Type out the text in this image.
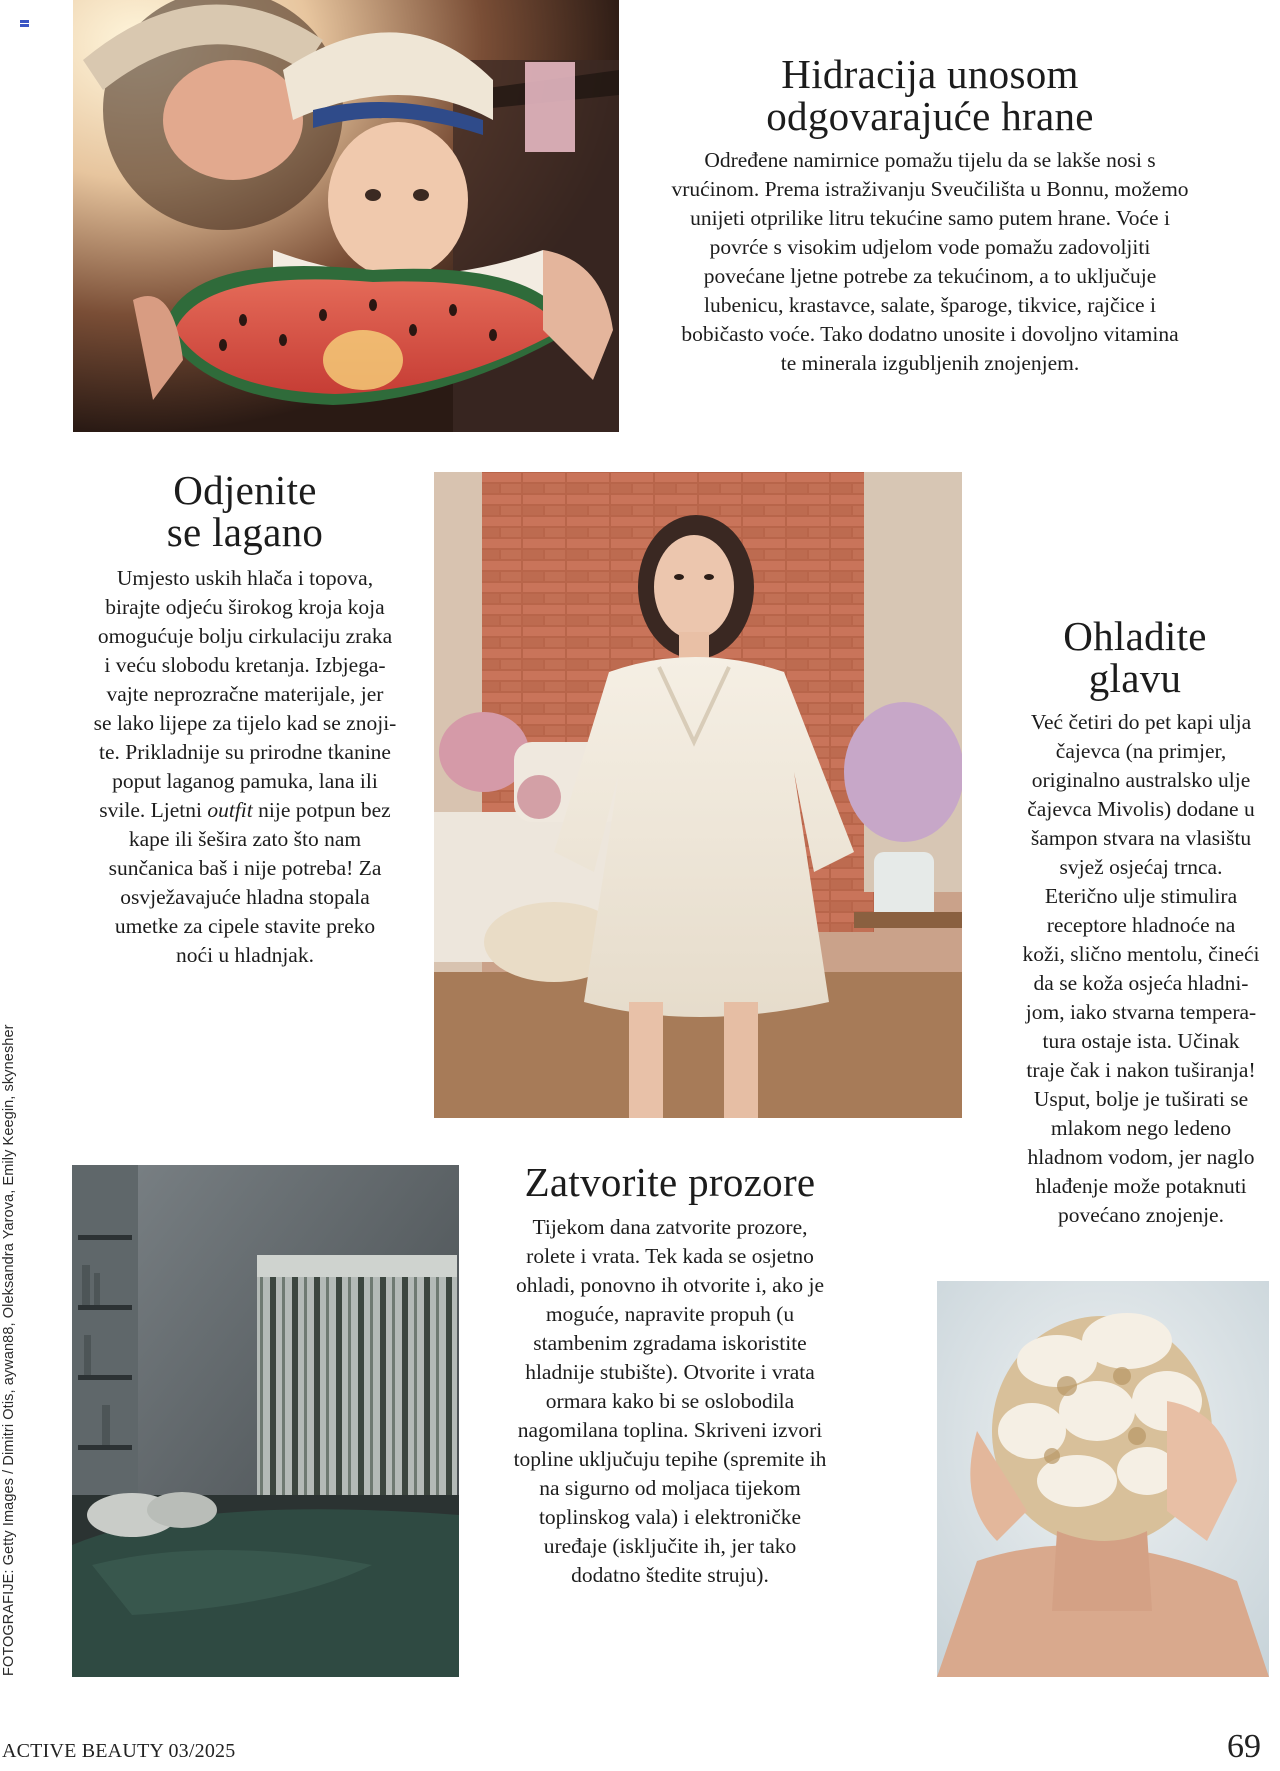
FOTOGRAFIJE: Getty Images / Dimitri Otis, aywan88, Oleksandra Yarova, Emily Keegin, skynesher
Hidracija unosom
odgovarajuće hrane
Određene namirnice pomažu tijelu da se lakše nosi s
vrućinom. Prema istraživanju Sveučilišta u Bonnu, možemo
unijeti otprilike litru tekućine samo putem hrane. Voće i
povrće s visokim udjelom vode pomažu zadovoljiti
povećane ljetne potrebe za tekućinom, a to uključuje
lubenicu, krastavce, salate, šparoge, tikvice, rajčice i
bobičasto voće. Tako dodatno unosite i dovoljno vitamina
te minerala izgubljenih znojenjem.
Odjenite
se lagano
Umjesto uskih hlača i topova,
birajte odjeću širokog kroja koja
omogućuje bolju cirkulaciju zraka
i veću slobodu kretanja. Izbjega-
vajte neprozračne materijale, jer
se lako lijepe za tijelo kad se znoji-
te. Prikladnije su prirodne tkanine
poput laganog pamuka, lana ili
svile. Ljetni outfit nije potpun bez
kape ili šešira zato što nam
sunčanica baš i nije potreba! Za
osvježavajuće hladna stopala
umetke za cipele stavite preko
noći u hladnjak.
Ohladite
glavu
Već četiri do pet kapi ulja
čajevca (na primjer,
originalno australsko ulje
čajevca Mivolis) dodane u
šampon stvara na vlasištu
svjež osjećaj trnca.
Eterično ulje stimulira
receptore hladnoće na
koži, slično mentolu, čineći
da se koža osjeća hladni-
jom, iako stvarna tempera-
tura ostaje ista. Učinak
traje čak i nakon tuširanja!
Usput, bolje je tuširati se
mlakom nego ledeno
hladnom vodom, jer naglo
hlađenje može potaknuti
povećano znojenje.
Zatvorite prozore
Tijekom dana zatvorite prozore,
rolete i vrata. Tek kada se osjetno
ohladi, ponovno ih otvorite i, ako je
moguće, napravite propuh (u
stambenim zgradama iskoristite
hladnije stubište). Otvorite i vrata
ormara kako bi se oslobodila
nagomilana toplina. Skriveni izvori
topline uključuju tepihe (spremite ih
na sigurno od moljaca tijekom
toplinskog vala) i elektroničke
uređaje (isključite ih, jer tako
dodatno štedite struju).
ACTIVE BEAUTY 03/2025	69
